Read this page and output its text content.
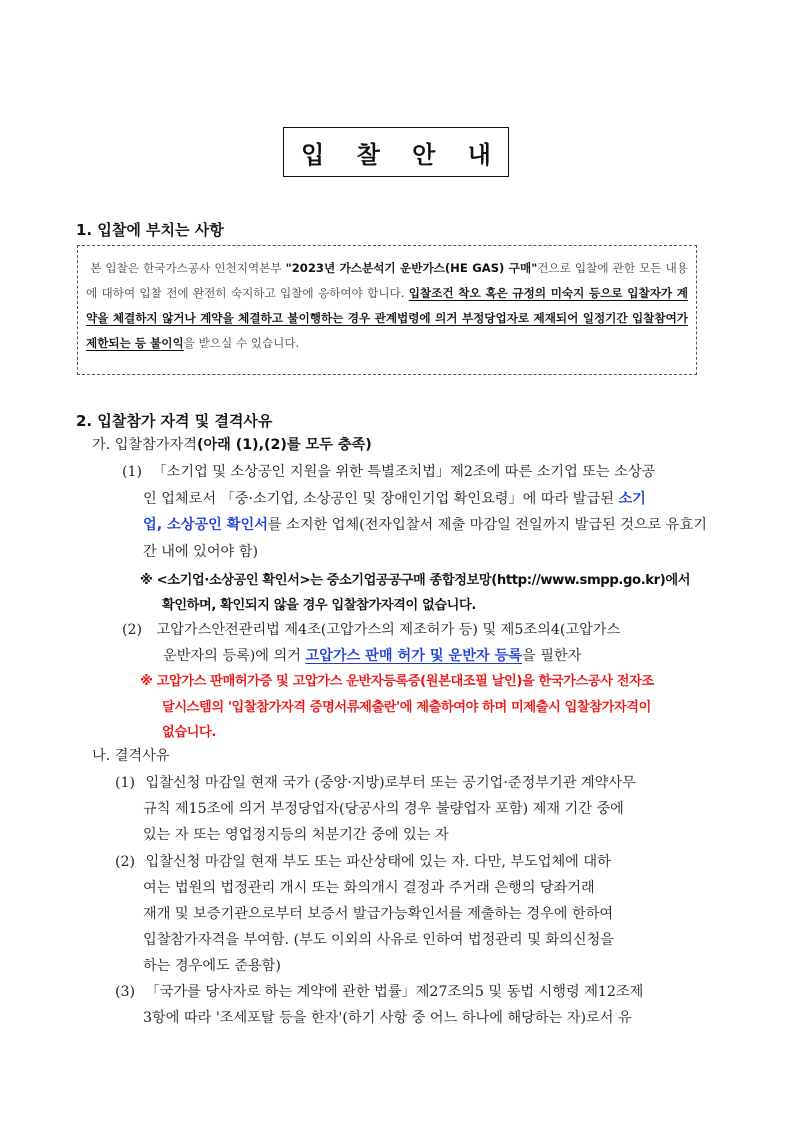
입 찰 안 내
1. 입찰에 부치는 사항
본 입찰은 한국가스공사 인천지역본부 "2023년 가스분석기 운반가스(HE GAS) 구매"건으로 입찰에 관한 모든 내용에 대하여 입찰 전에 완전히 숙지하고 입찰에 응하여야 합니다. 입찰조건 착오 혹은 규정의 미숙지 등으로 입찰자가 계약을 체결하지 않거나 계약을 체결하고 불이행하는 경우 관계법령에 의거 부정당업자로 제재되어 일정기간 입찰참여가 제한되는 등 불이익을 받으실 수 있습니다.
2. 입찰참가 자격 및 결격사유
가. 입찰참가자격(아래 (1),(2)를 모두 충족)
(1) 「소기업 및 소상공인 지원을 위한 특별조치법」제2조에 따른 소기업 또는 소상공
인 업체로서 「중·소기업, 소상공인 및 장애인기업 확인요령」에 따라 발급된 소기
업, 소상공인 확인서를 소지한 업체(전자입찰서 제출 마감일 전일까지 발급된 것으로 유효기
간 내에 있어야 함)
※ <소기업·소상공인 확인서>는 중소기업공공구매 종합정보망(http://www.smpp.go.kr)에서
확인하며, 확인되지 않을 경우 입찰참가자격이 없습니다.
(2) 고압가스안전관리법 제4조(고압가스의 제조허가 등) 및 제5조의4(고압가스
운반자의 등록)에 의거 고압가스 판매 허가 및 운반자 등록을 필한자
※ 고압가스 판매허가증 및 고압가스 운반자등록증(원본대조필 날인)을 한국가스공사 전자조
달시스템의 '입찰참가자격 증명서류제출란'에 제출하여야 하며 미제출시 입찰참가자격이
없습니다.
나. 결격사유
(1) 입찰신청 마감일 현재 국가 (중앙·지방)로부터 또는 공기업·준정부기관 계약사무
규칙 제15조에 의거 부정당업자(당공사의 경우 불량업자 포함) 제재 기간 중에
있는 자 또는 영업정지등의 처분기간 중에 있는 자
(2) 입찰신청 마감일 현재 부도 또는 파산상태에 있는 자. 다만, 부도업체에 대하
여는 법원의 법정관리 개시 또는 화의개시 결정과 주거래 은행의 당좌거래
재개 및 보증기관으로부터 보증서 발급가능확인서를 제출하는 경우에 한하여
입찰참가자격을 부여함. (부도 이외의 사유로 인하여 법정관리 및 화의신청을
하는 경우에도 준용함)
(3) 「국가를 당사자로 하는 계약에 관한 법률」제27조의5 및 동법 시행령 제12조제
3항에 따라 '조세포탈 등을 한자'(하기 사항 중 어느 하나에 해당하는 자)로서 유
